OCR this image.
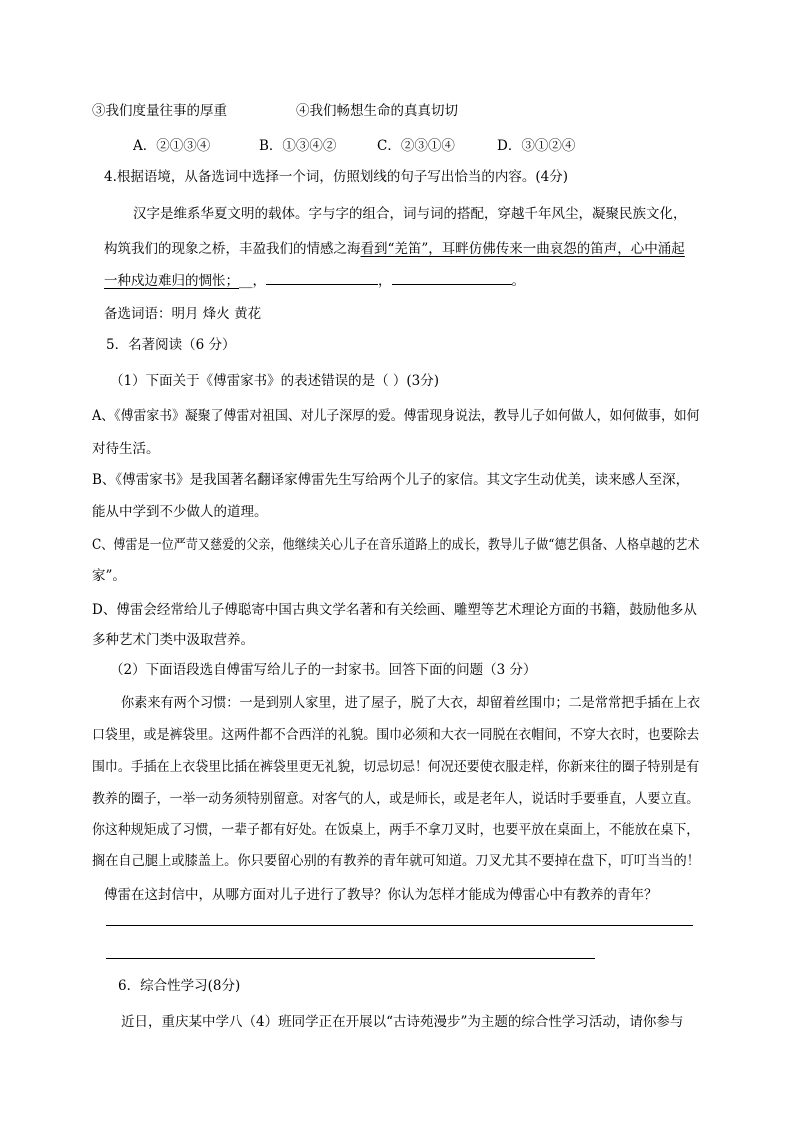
③我们度量往事的厚重	④我们畅想生命的真真切切
A．②①③④	B．①③④②	C．②③①④	D．③①②④
4.根据语境，从备选词中选择一个词，仿照划线的句子写出恰当的内容。(4分)
汉字是维系华夏文明的载体。字与字的组合，词与词的搭配，穿越千年风尘，凝聚民族文化，
构筑我们的现象之桥，丰盈我们的情感之海看到“羌笛”，耳畔仿佛传来一曲哀怨的笛声，心中涌起
一种戍边难归的惆怅；__，	，	。
备选词语：明月 烽火 黄花
5．名著阅读（6 分）
（1）下面关于《傅雷家书》的表述错误的是（ ）(3分)
A、《傅雷家书》凝聚了傅雷对祖国、对儿子深厚的爱。傅雷现身说法，教导儿子如何做人，如何做事，如何
对待生活。
B、《傅雷家书》是我国著名翻译家傅雷先生写给两个儿子的家信。其文字生动优美，读来感人至深，
能从中学到不少做人的道理。
C、傅雷是一位严苛又慈爱的父亲，他继续关心儿子在音乐道路上的成长，教导儿子做“德艺俱备、人格卓越的艺术
家”。
D、傅雷会经常给儿子傅聪寄中国古典文学名著和有关绘画、雕塑等艺术理论方面的书籍，鼓励他多从
多种艺术门类中汲取营养。
（2）下面语段选自傅雷写给儿子的一封家书。回答下面的问题（3 分）
你素来有两个习惯：一是到别人家里，进了屋子，脱了大衣，却留着丝围巾；二是常常把手插在上衣
口袋里，或是裤袋里。这两件都不合西洋的礼貌。围巾必须和大衣一同脱在衣帽间，不穿大衣时，也要除去
围巾。手插在上衣袋里比插在裤袋里更无礼貌，切忌切忌！何况还要使衣服走样，你新来往的圈子特别是有
教养的圈子，一举一动务须特别留意。对客气的人，或是师长，或是老年人，说话时手要垂直，人要立直。
你这种规矩成了习惯，一辈子都有好处。在饭桌上，两手不拿刀叉时，也要平放在桌面上，不能放在桌下，
搁在自己腿上或膝盖上。你只要留心别的有教养的青年就可知道。刀叉尤其不要掉在盘下，叮叮当当的！
傅雷在这封信中，从哪方面对儿子进行了教导？你认为怎样才能成为傅雷心中有教养的青年？
6．综合性学习(8分)
近日，重庆某中学八（4）班同学正在开展以“古诗苑漫步”为主题的综合性学习活动，请你参与
